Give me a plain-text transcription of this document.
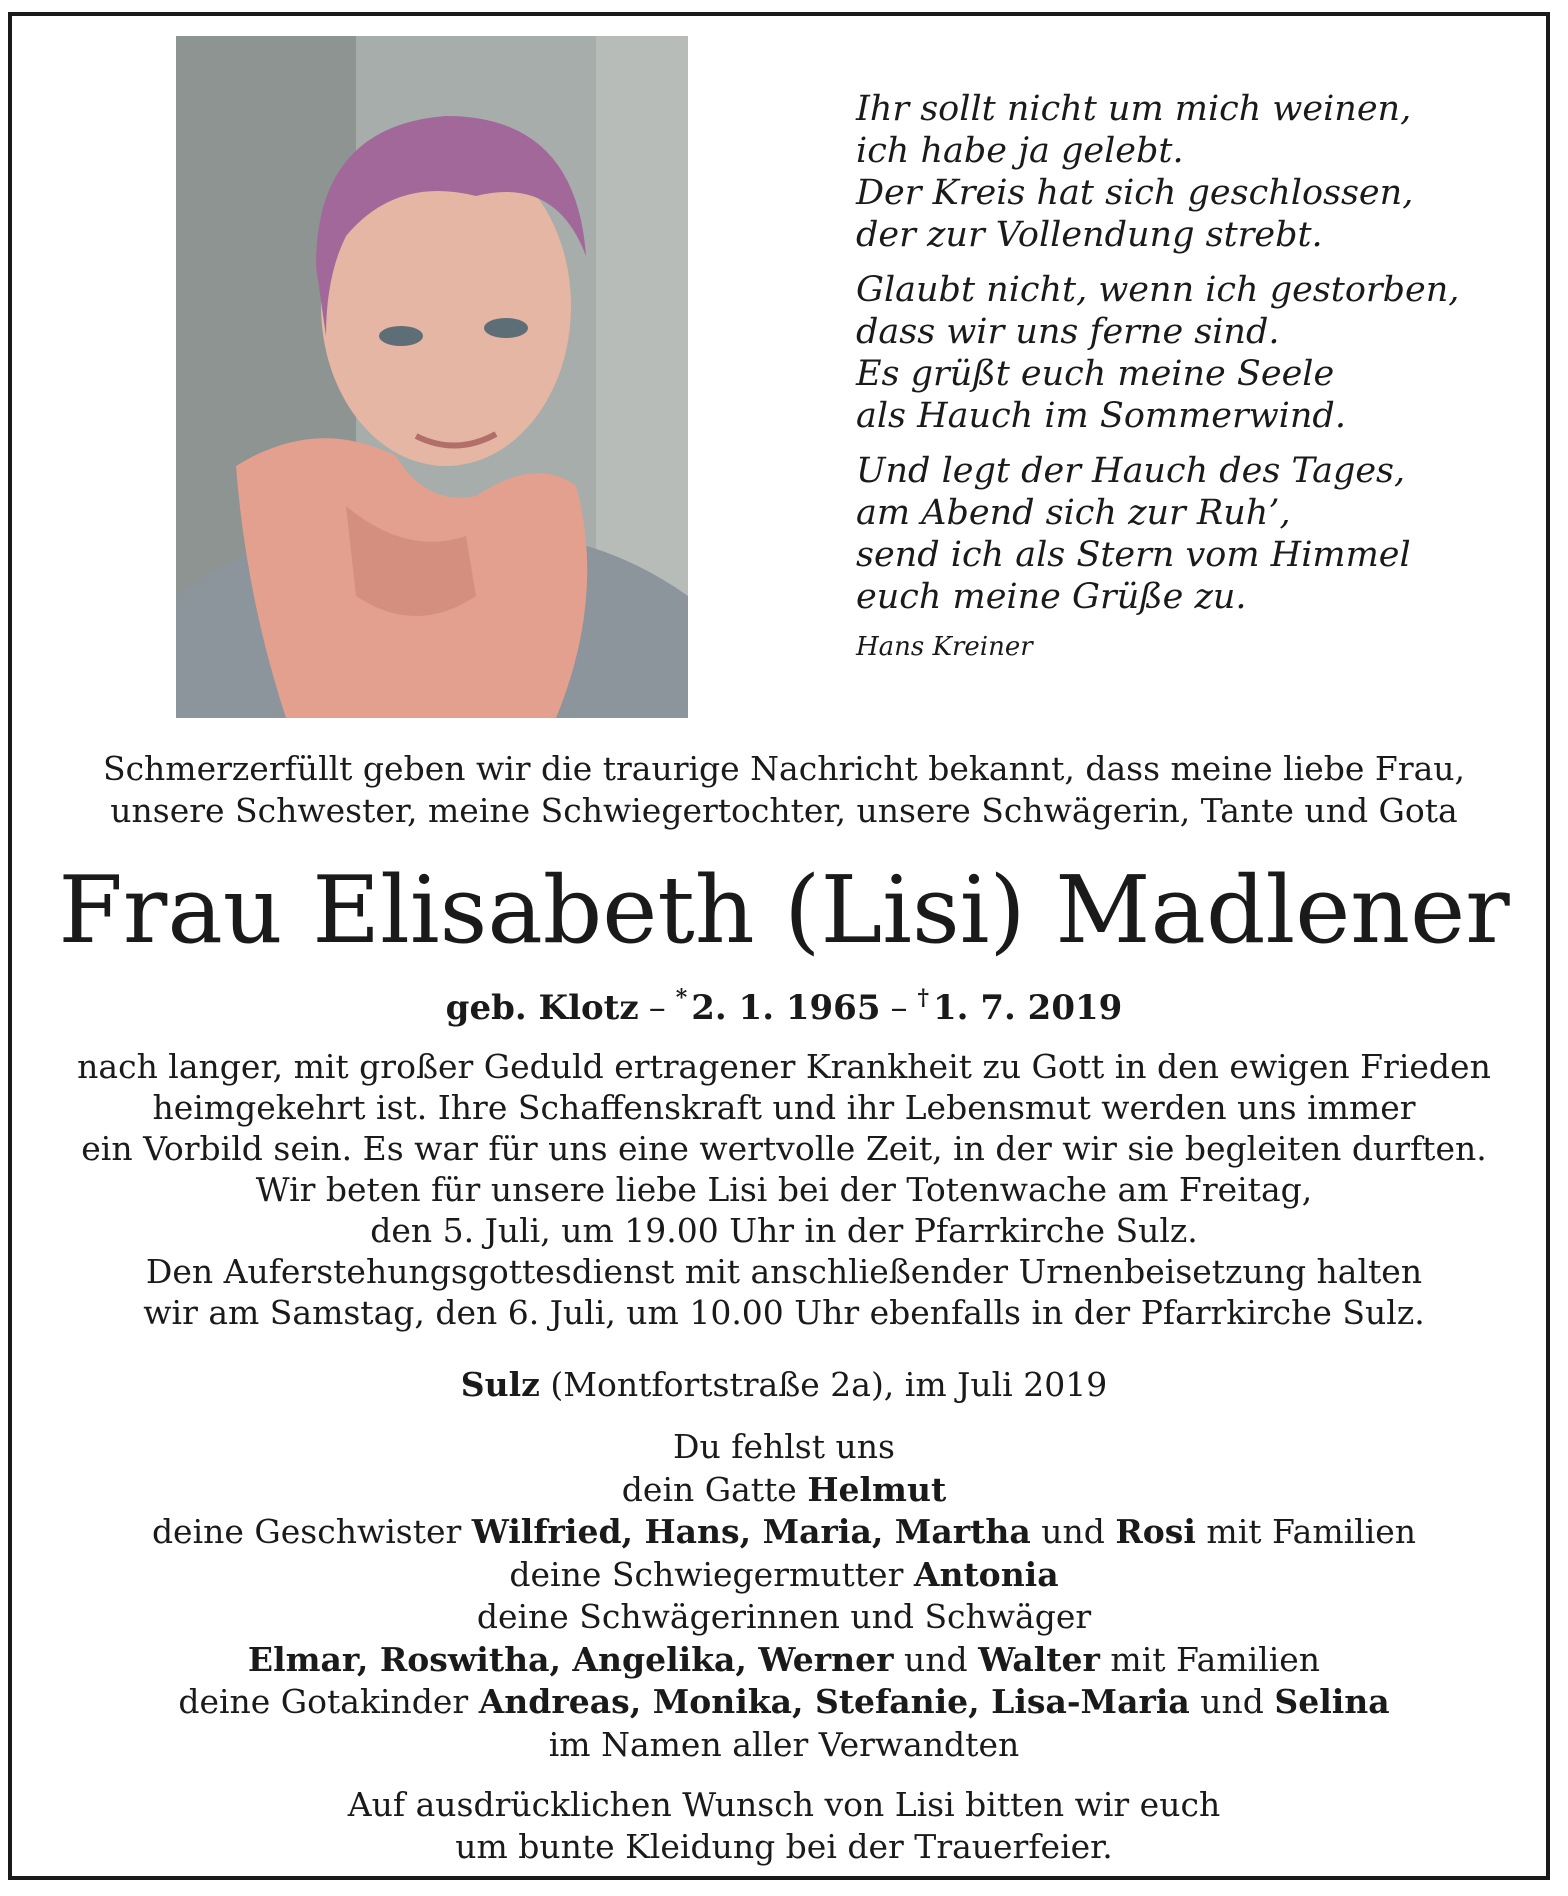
Ihr sollt nicht um mich weinen,
ich habe ja gelebt.
Der Kreis hat sich geschlossen,
der zur Vollendung strebt.
Glaubt nicht, wenn ich gestorben,
dass wir uns ferne sind.
Es grüßt euch meine Seele
als Hauch im Sommerwind.
Und legt der Hauch des Tages,
am Abend sich zur Ruh’,
send ich als Stern vom Himmel
euch meine Grüße zu.
Hans Kreiner
Schmerzerfüllt geben wir die traurige Nachricht bekannt, dass meine liebe Frau,
unsere Schwester, meine Schwiegertochter, unsere Schwägerin, Tante und Gota
Frau Elisabeth (Lisi) Madlener
geb. Klotz – * 2. 1. 1965 – † 1. 7. 2019
nach langer, mit großer Geduld ertragener Krankheit zu Gott in den ewigen Frieden
heimgekehrt ist. Ihre Schaffenskraft und ihr Lebensmut werden uns immer
ein Vorbild sein. Es war für uns eine wertvolle Zeit, in der wir sie begleiten durften.
Wir beten für unsere liebe Lisi bei der Totenwache am Freitag,
den 5. Juli, um 19.00 Uhr in der Pfarrkirche Sulz.
Den Auferstehungsgottesdienst mit anschließender Urnenbeisetzung halten
wir am Samstag, den 6. Juli, um 10.00 Uhr ebenfalls in der Pfarrkirche Sulz.
Sulz (Montfortstraße 2a), im Juli 2019
Du fehlst uns
dein Gatte Helmut
deine Geschwister Wilfried, Hans, Maria, Martha und Rosi mit Familien
deine Schwiegermutter Antonia
deine Schwägerinnen und Schwäger
Elmar, Roswitha, Angelika, Werner und Walter mit Familien
deine Gotakinder Andreas, Monika, Stefanie, Lisa-Maria und Selina
im Namen aller Verwandten
Auf ausdrücklichen Wunsch von Lisi bitten wir euch
um bunte Kleidung bei der Trauerfeier.
